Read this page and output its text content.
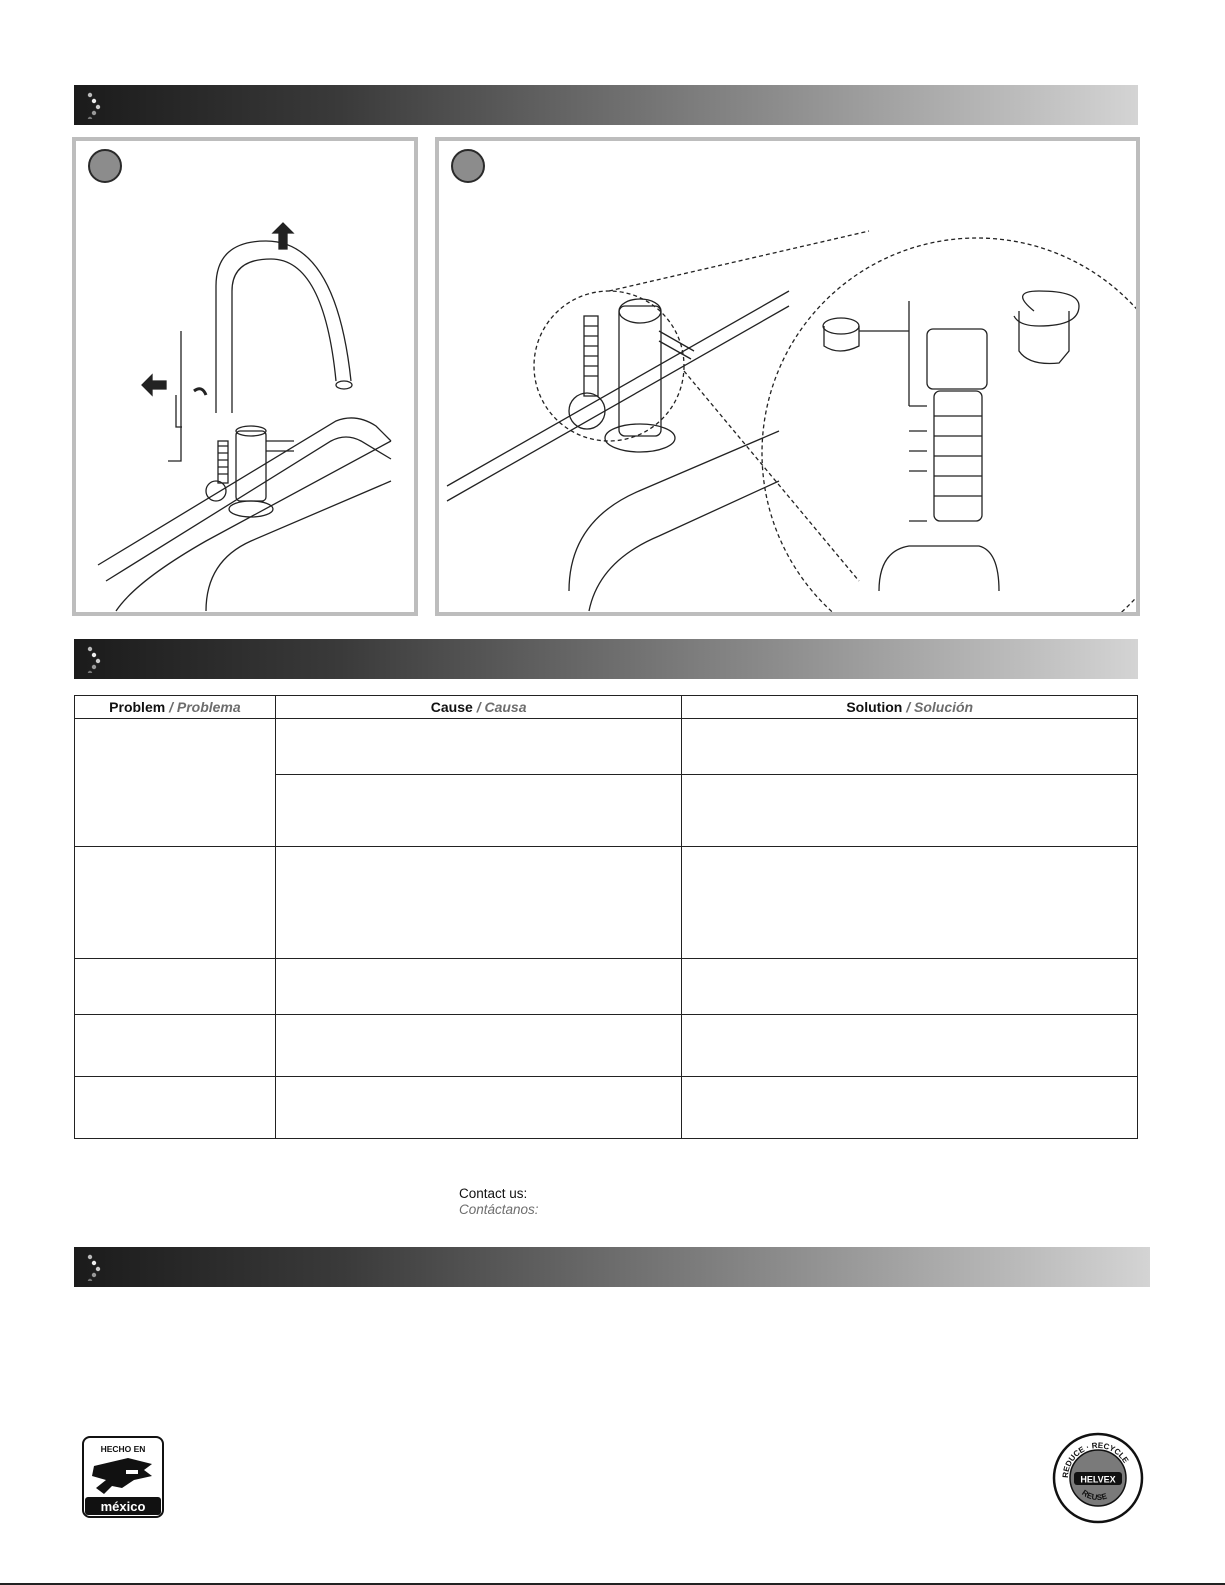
Problem / Problema	Cause / Causa	Solution / Solución

Contact us:
Contáctanos:
HECHO EN
méxico
HELVEX
REDUCE · RECYCLE
REUSE
